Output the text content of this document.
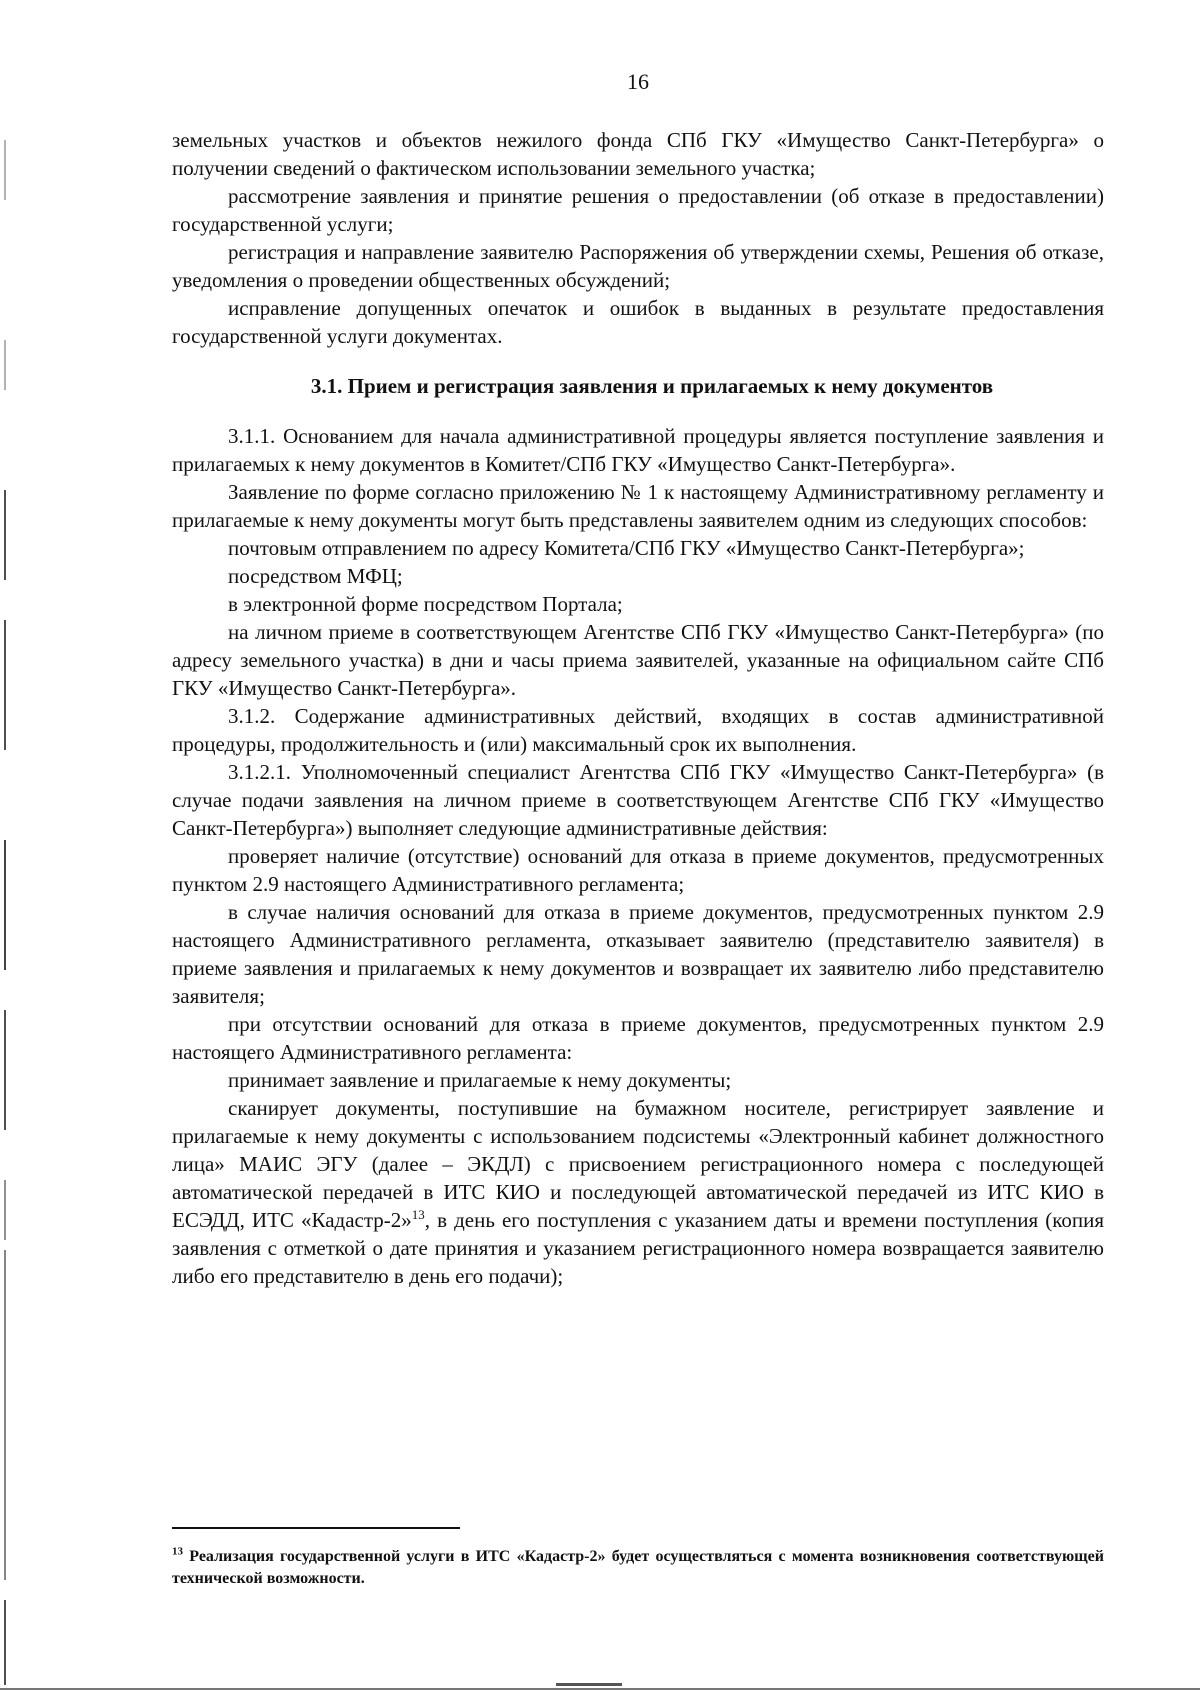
16

земельных участков и объектов нежилого фонда СПб ГКУ «Имущество Санкт-Петербурга» о получении сведений о фактическом использовании земельного участка;

рассмотрение заявления и принятие решения о предоставлении (об отказе в предоставлении) государственной услуги;

регистрация и направление заявителю Распоряжения об утверждении схемы, Решения об отказе, уведомления о проведении общественных обсуждений;

исправление допущенных опечаток и ошибок в выданных в результате предоставления государственной услуги документах.

3.1. Прием и регистрация заявления и прилагаемых к нему документов

3.1.1. Основанием для начала административной процедуры является поступление заявления и прилагаемых к нему документов в Комитет/СПб ГКУ «Имущество Санкт-Петербурга».

Заявление по форме согласно приложению № 1 к настоящему Административному регламенту и прилагаемые к нему документы могут быть представлены заявителем одним из следующих способов:

почтовым отправлением по адресу Комитета/СПб ГКУ «Имущество Санкт-Петербурга»;

посредством МФЦ;

в электронной форме посредством Портала;

на личном приеме в соответствующем Агентстве СПб ГКУ «Имущество Санкт-Петербурга» (по адресу земельного участка) в дни и часы приема заявителей, указанные на официальном сайте СПб ГКУ «Имущество Санкт-Петербурга».

3.1.2. Содержание административных действий, входящих в состав административной процедуры, продолжительность и (или) максимальный срок их выполнения.

3.1.2.1. Уполномоченный специалист Агентства СПб ГКУ «Имущество Санкт-Петербурга» (в случае подачи заявления на личном приеме в соответствующем Агентстве СПб ГКУ «Имущество Санкт-Петербурга») выполняет следующие административные действия:

проверяет наличие (отсутствие) оснований для отказа в приеме документов, предусмотренных пунктом 2.9 настоящего Административного регламента;

в случае наличия оснований для отказа в приеме документов, предусмотренных пунктом 2.9 настоящего Административного регламента, отказывает заявителю (представителю заявителя) в приеме заявления и прилагаемых к нему документов и возвращает их заявителю либо представителю заявителя;

при отсутствии оснований для отказа в приеме документов, предусмотренных пунктом 2.9 настоящего Административного регламента:

принимает заявление и прилагаемые к нему документы;

сканирует документы, поступившие на бумажном носителе, регистрирует заявление и прилагаемые к нему документы с использованием подсистемы «Электронный кабинет должностного лица» МАИС ЭГУ (далее – ЭКДЛ) с присвоением регистрационного номера с последующей автоматической передачей в ИТС КИО и последующей автоматической передачей из ИТС КИО в ЕСЭДД, ИТС «Кадастр-2»$^{13}$, в день его поступления с указанием даты и времени поступления (копия заявления с отметкой о дате принятия и указанием регистрационного номера возвращается заявителю либо его представителю в день его подачи);

$^{13}$ Реализация государственной услуги в ИТС «Кадастр-2» будет осуществляться с момента возникновения соответствующей технической возможности.
